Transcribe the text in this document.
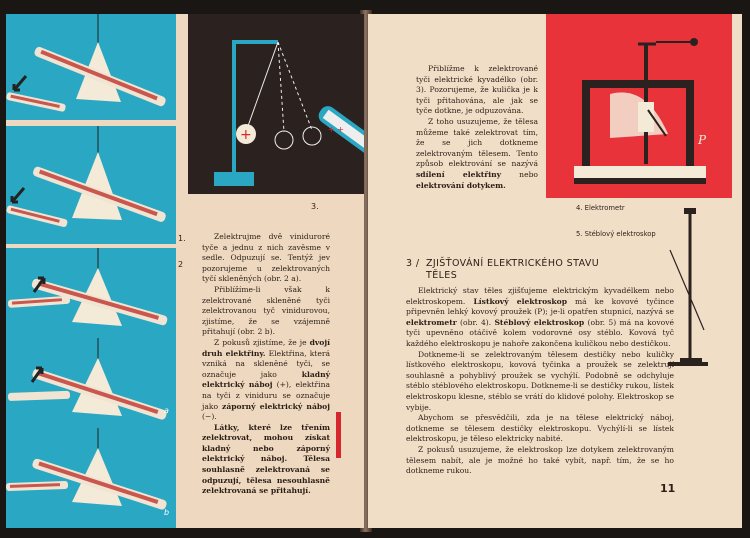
+	+ +
1.
2
3.
a
b

Zelektrujme dvě viniduroré tyče a jednu z nich zavěsme v sedle. Odpuzují se. Tentýž jev pozorujeme u zelektrovaných tyčí skleněných (obr. 2 a).

Přiblížíme-li však k zelektrované skleněné tyči zelektrovanou tyč vinidurovou, zjistíme, že se vzájemně přitahují (obr. 2 b).

Z pokusů zjistíme, že je dvojí druh elektřiny. Elektřina, která vzniká na skleněné tyči, se označuje jako kladný elektrický náboj (+), elektřina na tyči z viniduru se označuje jako záporný elektrický náboj (−).

Látky, které lze třením zelektrovat, mohou získat kladný nebo záporný elektrický náboj. Tělesa souhlasně zelektrovaná se odpuzují, tělesa nesouhlasně zelektrovaná se přitahují.

Přiblížme k zelektrované tyči elektrické kyvadélko (obr. 3). Pozorujeme, že kulička je k tyči přitahována, ale jak se tyče dotkne, je odpuzována.

Z toho usuzujeme, že tělesa můžeme také zelektrovat tím, že se jich dotkneme zelektrovaným tělesem. Tento způsob elektrování se nazývá sdílení elektřiny nebo elektrování dotykem.

P
4. Elektrometr
5. Stéblový elektroskop
3 / ZJIŠŤOVÁNÍ ELEKTRICKÉHO STAVU
TĚLES

Elektrický stav těles zjišťujeme elektrickým kyvadélkem nebo elektroskopem. Lístkový elektroskop má ke kovové tyčince připevněn lehký kovový proužek (P); je-li opatřen stupnicí, nazývá se elektrometr (obr. 4). Stéblový elektroskop (obr. 5) má na kovové tyči upevněno otáčivě kolem vodorovné osy stéblo. Kovová tyč každého elektroskopu je nahoře zakončena kuličkou nebo destičkou.

Dotkneme-li se zelektrovaným tělesem destičky nebo kuličky lístkového elektroskopu, kovová tyčinka a proužek se zelektrují souhlasně a pohyblivý proužek se vychýlí. Podobně se odchyluje stéblo stéblového elektroskopu. Dotkneme-li se destičky rukou, lístek elektroskopu klesne, stéblo se vrátí do klidové polohy. Elektroskop se vybije.

Abychom se přesvědčili, zda je na tělese elektrický náboj, dotkneme se tělesem destičky elektroskopu. Vychýlí-li se lístek elektroskopu, je těleso elektricky nabité.

Z pokusů usuzujeme, že elektroskop lze dotykem zelektrovaným tělesem nabít, ale je možné ho také vybít, např. tím, že se ho dotkneme rukou.

11
